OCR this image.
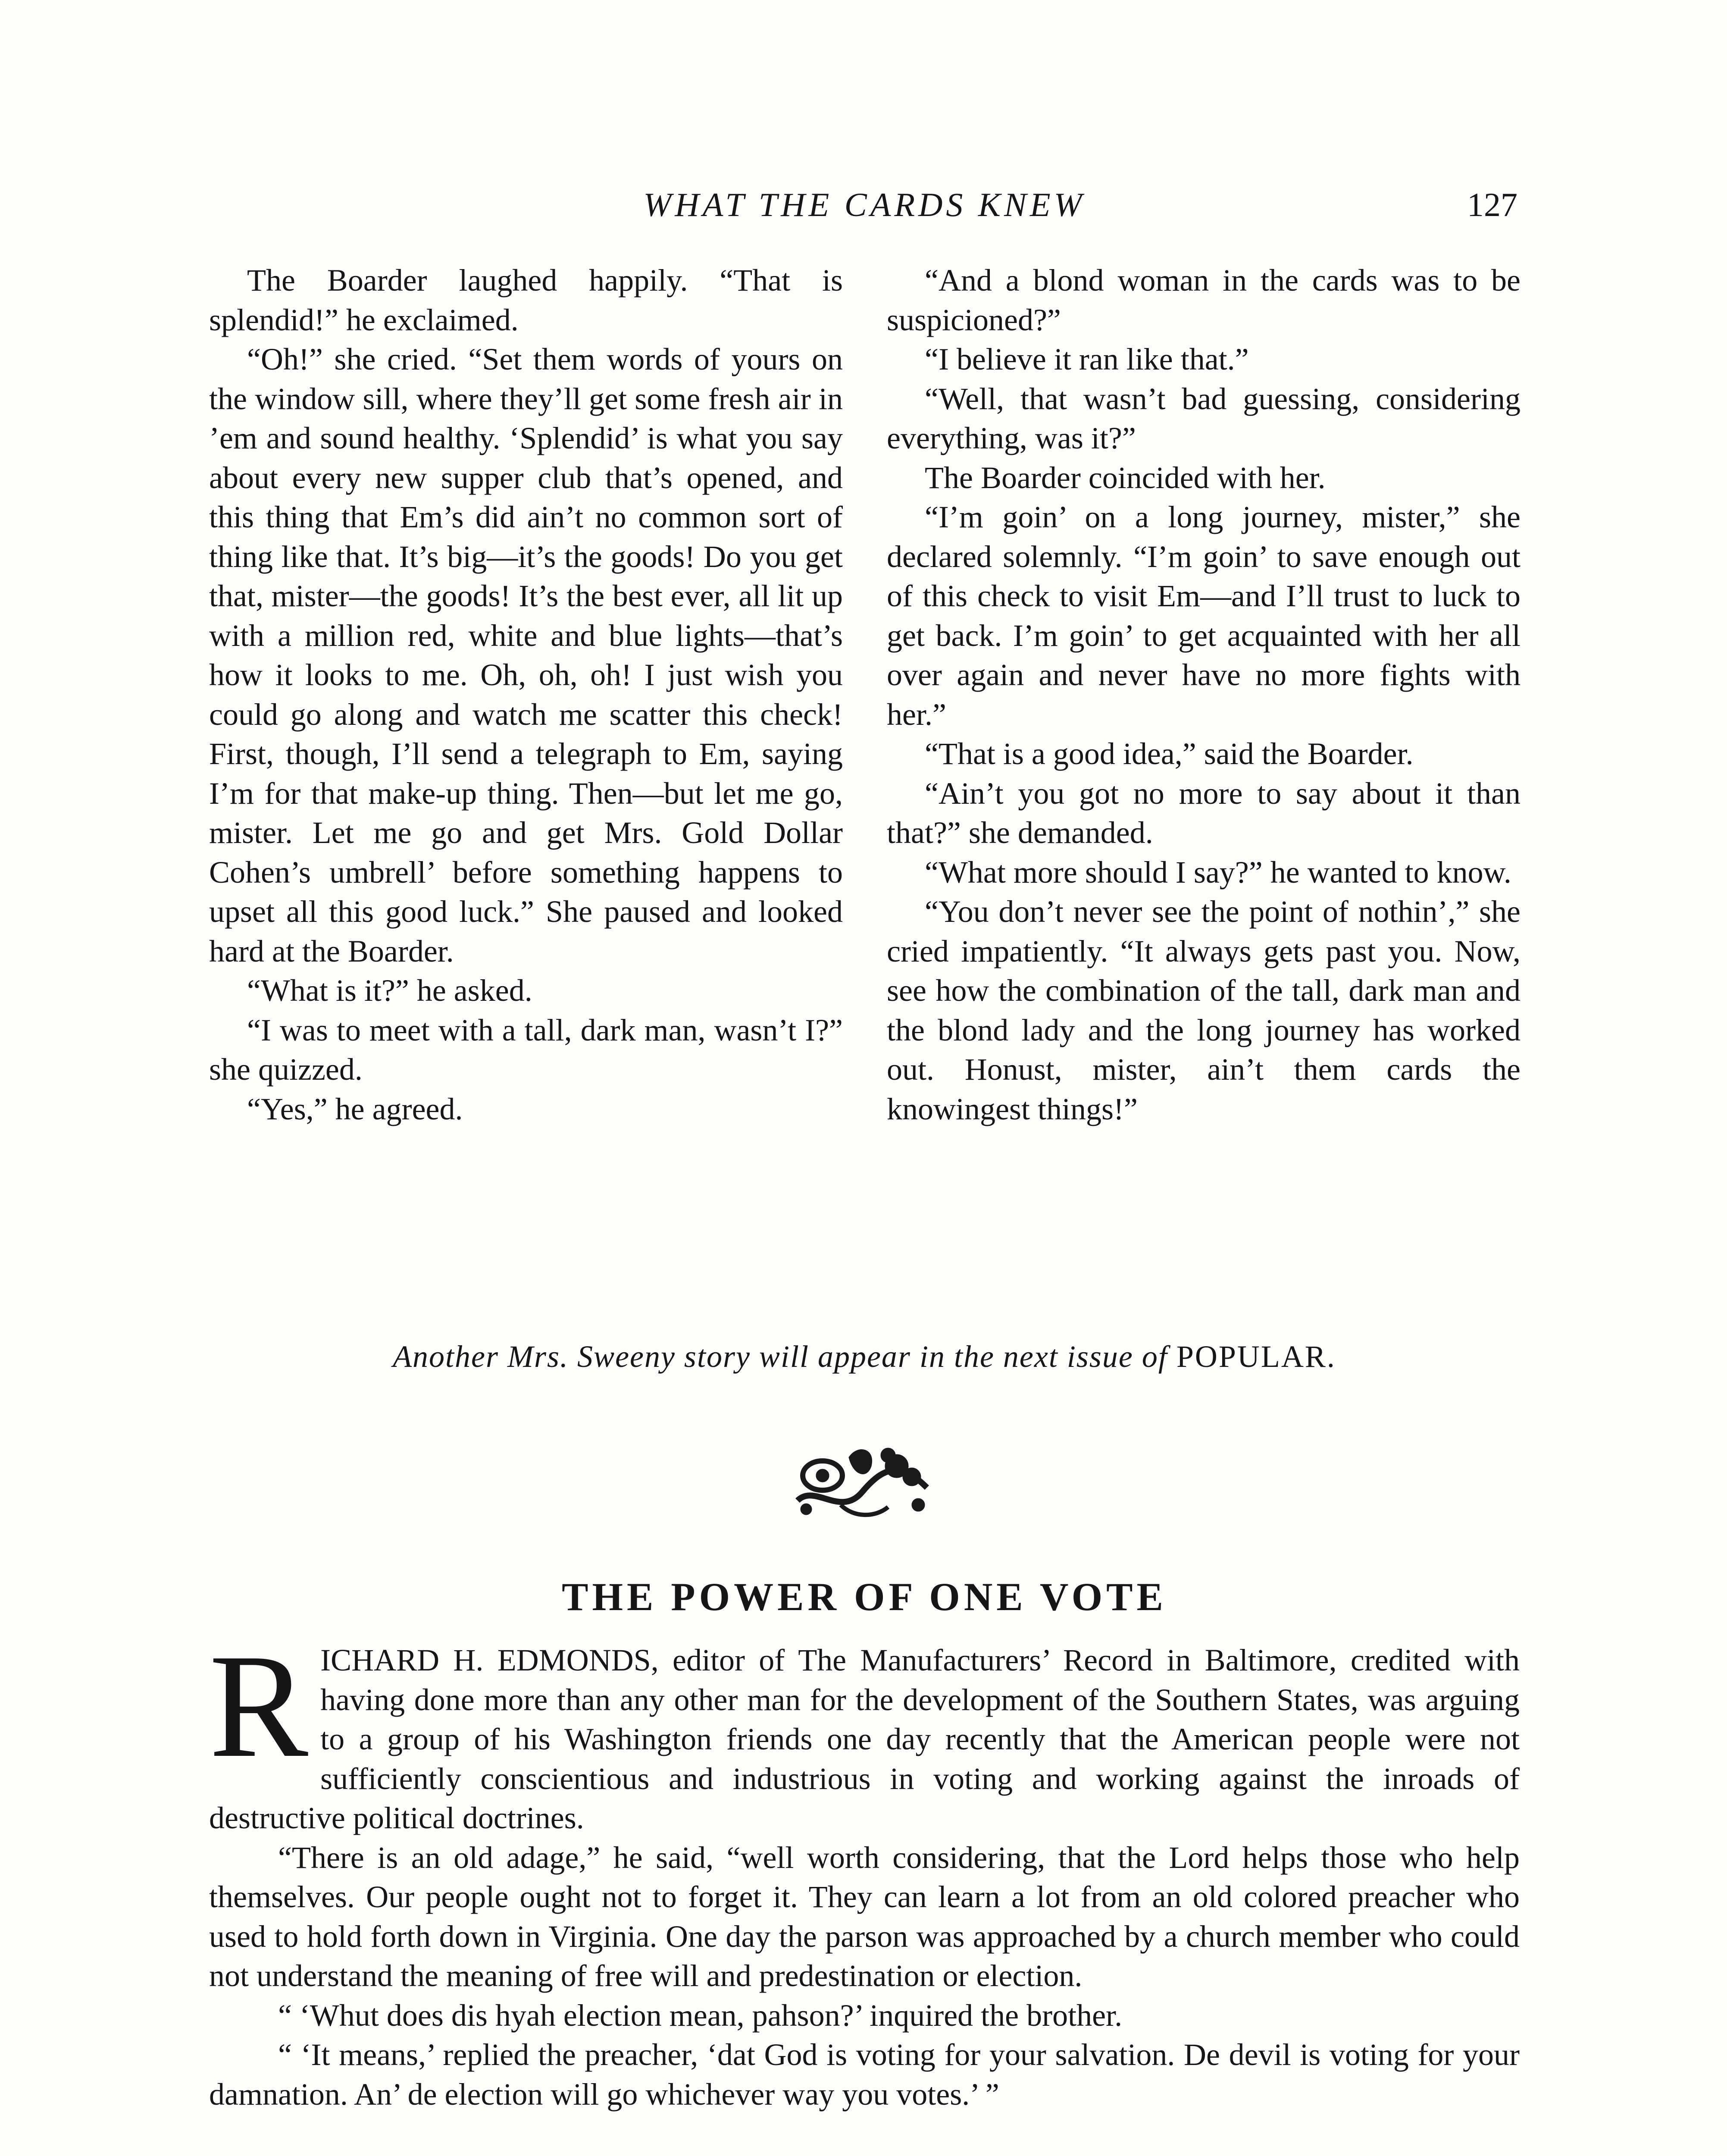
WHAT THE CARDS KNEW	127

The Boarder laughed happily. “That is splendid!” he exclaimed.

“Oh!” she cried. “Set them words of yours on the window sill, where they’ll get some fresh air in ’em and sound healthy. ‘Splendid’ is what you say about every new supper club that’s opened, and this thing that Em’s did ain’t no common sort of thing like that. It’s big—it’s the goods! Do you get that, mister—the goods! It’s the best ever, all lit up with a million red, white and blue lights—that’s how it looks to me. Oh, oh, oh! I just wish you could go along and watch me scatter this check! First, though, I’ll send a telegraph to Em, saying I’m for that make-up thing. Then—but let me go, mister. Let me go and get Mrs. Gold Dollar Cohen’s umbrell’ before something happens to upset all this good luck.” She paused and looked hard at the Boarder.

“What is it?” he asked.

“I was to meet with a tall, dark man, wasn’t I?” she quizzed.

“Yes,” he agreed.

“And a blond woman in the cards was to be suspicioned?”

“I believe it ran like that.”

“Well, that wasn’t bad guessing, considering everything, was it?”

The Boarder coincided with her.

“I’m goin’ on a long journey, mister,” she declared solemnly. “I’m goin’ to save enough out of this check to visit Em—and I’ll trust to luck to get back. I’m goin’ to get acquainted with her all over again and never have no more fights with her.”

“That is a good idea,” said the Boarder.

“Ain’t you got no more to say about it than that?” she demanded.

“What more should I say?” he wanted to know.

“You don’t never see the point of nothin’,” she cried impatiently. “It always gets past you. Now, see how the combination of the tall, dark man and the blond lady and the long journey has worked out. Honust, mister, ain’t them cards the knowingest things!”

Another Mrs. Sweeny story will appear in the next issue of POPULAR.
THE POWER OF ONE VOTE

R ICHARD H. EDMONDS, editor of The Manufacturers’ Record in Baltimore, credited with having done more than any other man for the development of the Southern States, was arguing to a group of his Washington friends one day recently that the American people were not sufficiently conscientious and industrious in voting and working against the inroads of destructive political doctrines.

“There is an old adage,” he said, “well worth considering, that the Lord helps those who help themselves. Our people ought not to forget it. They can learn a lot from an old colored preacher who used to hold forth down in Virginia. One day the parson was approached by a church member who could not understand the meaning of free will and predestination or election.

“ ‘Whut does dis hyah election mean, pahson?’ inquired the brother.

“ ‘It means,’ replied the preacher, ‘dat God is voting for your salvation. De devil is voting for your damnation. An’ de election will go whichever way you votes.’ ”
